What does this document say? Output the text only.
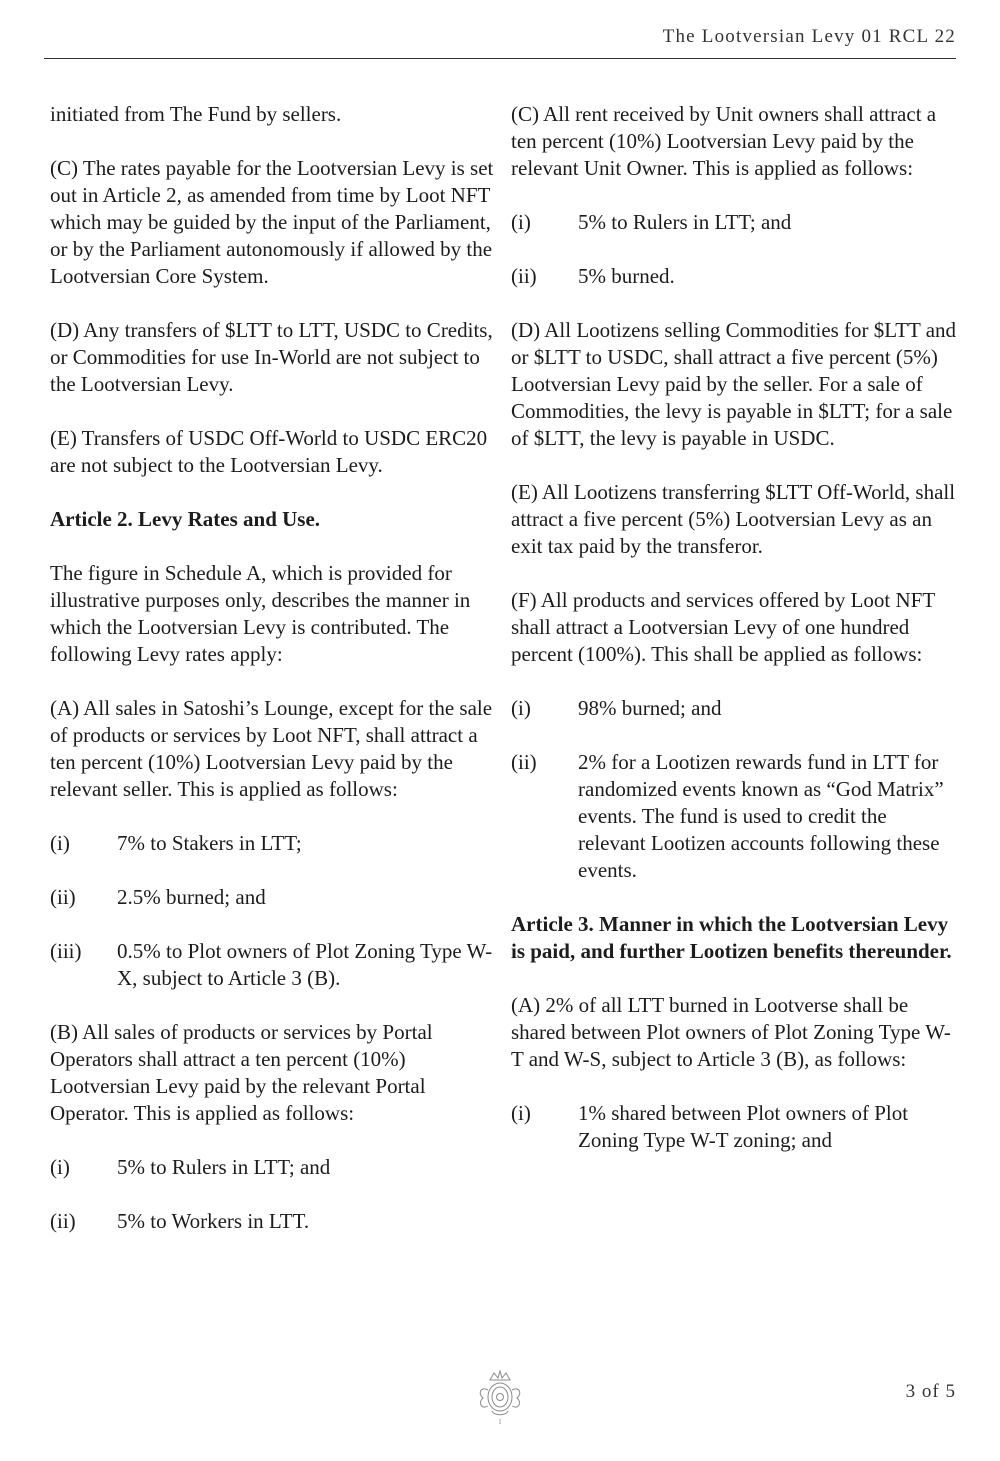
The Lootversian Levy 01 RCL 22

initiated from The Fund by sellers.

(C) The rates payable for the Lootversian Levy is set out in Article 2, as amended from time by Loot NFT which may be guided by the input of the Parliament, or by the Parliament autonomously if allowed by the Lootversian Core System.

(D) Any transfers of $LTT to LTT, USDC to Credits, or Commodities for use In-World are not subject to the Lootversian Levy.

(E) Transfers of USDC Off-World to USDC ERC20 are not subject to the Lootversian Levy.

Article 2. Levy Rates and Use.

The figure in Schedule A, which is provided for illustrative purposes only, describes the manner in which the Lootversian Levy is contributed. The following Levy rates apply:

(A) All sales in Satoshi’s Lounge, except for the sale of products or services by Loot NFT, shall attract a ten percent (10%) Lootversian Levy paid by the relevant seller. This is applied as follows:

(i)	7% to Stakers in LTT;
(ii)	2.5% burned; and
(iii)	0.5% to Plot owners of Plot Zoning Type W-X, subject to Article 3 (B).

(B) All sales of products or services by Portal Operators shall attract a ten percent (10%) Lootversian Levy paid by the relevant Portal Operator. This is applied as follows:

(i)	5% to Rulers in LTT; and
(ii)	5% to Workers in LTT.

(C) All rent received by Unit owners shall attract a ten percent (10%) Lootversian Levy paid by the relevant Unit Owner. This is applied as follows:

(i)	5% to Rulers in LTT; and
(ii)	5% burned.

(D) All Lootizens selling Commodities for $LTT and or $LTT to USDC, shall attract a five percent (5%) Lootversian Levy paid by the seller. For a sale of Commodities, the levy is payable in $LTT; for a sale of $LTT, the levy is payable in USDC.

(E) All Lootizens transferring $LTT Off-World, shall attract a five percent (5%) Lootversian Levy as an exit tax paid by the transferor.

(F) All products and services offered by Loot NFT shall attract a Lootversian Levy of one hundred percent (100%). This shall be applied as follows:

(i)	98% burned; and
(ii)	2% for a Lootizen rewards fund in LTT for randomized events known as “God Matrix” events. The fund is used to credit the relevant Lootizen accounts following these events.

Article 3. Manner in which the Lootversian Levy is paid, and further Lootizen benefits thereunder.

(A) 2% of all LTT burned in Lootverse shall be shared between Plot owners of Plot Zoning Type W-T and W-S, subject to Article 3 (B), as follows:

(i)	1% shared between Plot owners of Plot Zoning Type W-T zoning; and
I
3 of 5
